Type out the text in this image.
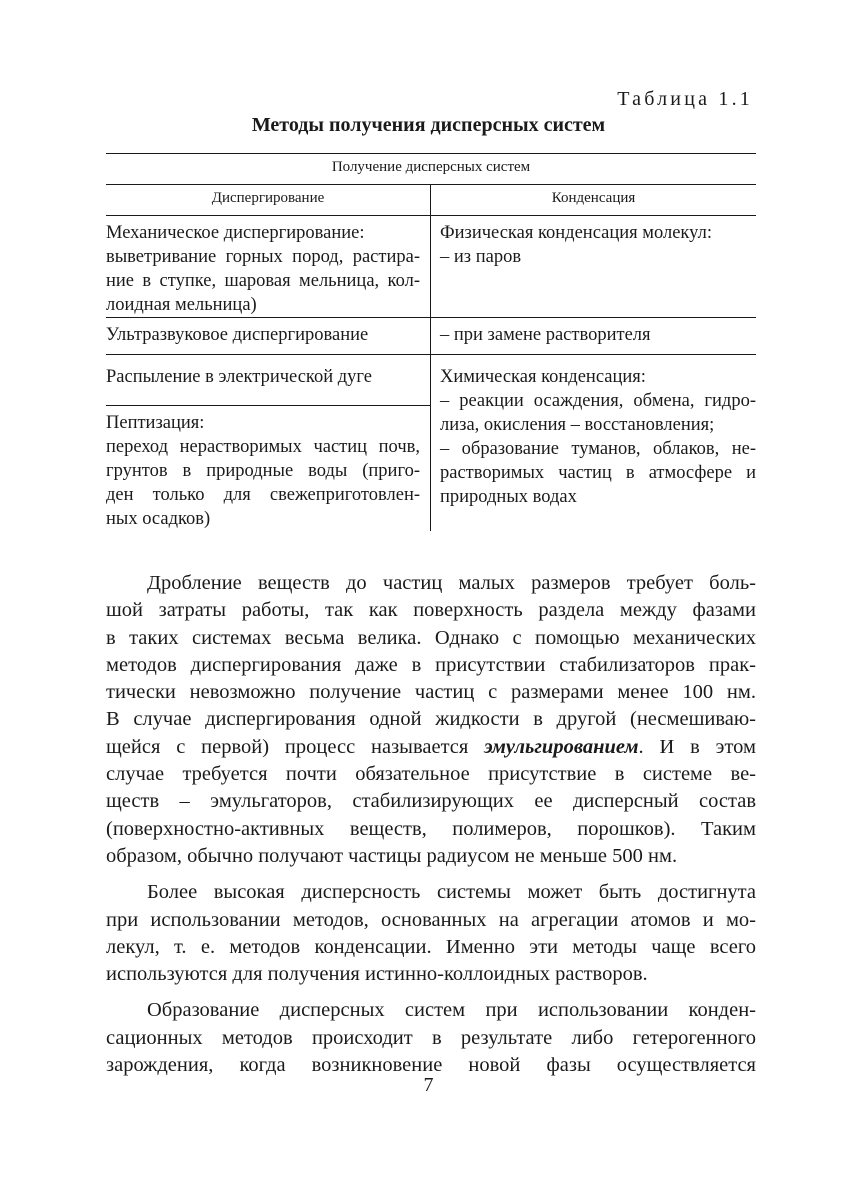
Таблица 1.1
Методы получения дисперсных систем
Получение дисперсных систем
Диспергирование	Конденсация
Механическое диспергирование:
выветривание горных пород, растира-
ние в ступке, шаровая мельница, кол-
лоидная мельница)
Ультразвуковое диспергирование
Распыление в электрической дуге
Пептизация:
переход нерастворимых частиц почв,
грунтов в природные воды (приго-
ден только для свежеприготовлен-
ных осадков)
Физическая конденсация молекул:
– из паров
– при замене растворителя
Химическая конденсация:
– реакции осаждения, обмена, гидро-
лиза, окисления – восстановления;
– образование туманов, облаков, не-
растворимых частиц в атмосфере и
природных водах
Дробление веществ до частиц малых размеров требует боль-
шой затраты работы, так как поверхность раздела между фазами
в таких системах весьма велика. Однако с помощью механических
методов диспергирования даже в присутствии стабилизаторов прак-
тически невозможно получение частиц с размерами менее 100 нм.
В случае диспергирования одной жидкости в другой (несмешиваю-
щейся с первой) процесс называется эмульгированием. И в этом
случае требуется почти обязательное присутствие в системе ве-
ществ – эмульгаторов, стабилизирующих ее дисперсный состав
(поверхностно-активных веществ, полимеров, порошков). Таким
образом, обычно получают частицы радиусом не меньше 500 нм.
Более высокая дисперсность системы может быть достигнута
при использовании методов, основанных на агрегации атомов и мо-
лекул, т. е. методов конденсации. Именно эти методы чаще всего
используются для получения истинно-коллоидных растворов.
Образование дисперсных систем при использовании конден-
сационных методов происходит в результате либо гетерогенного
зарождения, когда возникновение новой фазы осуществляется
7
